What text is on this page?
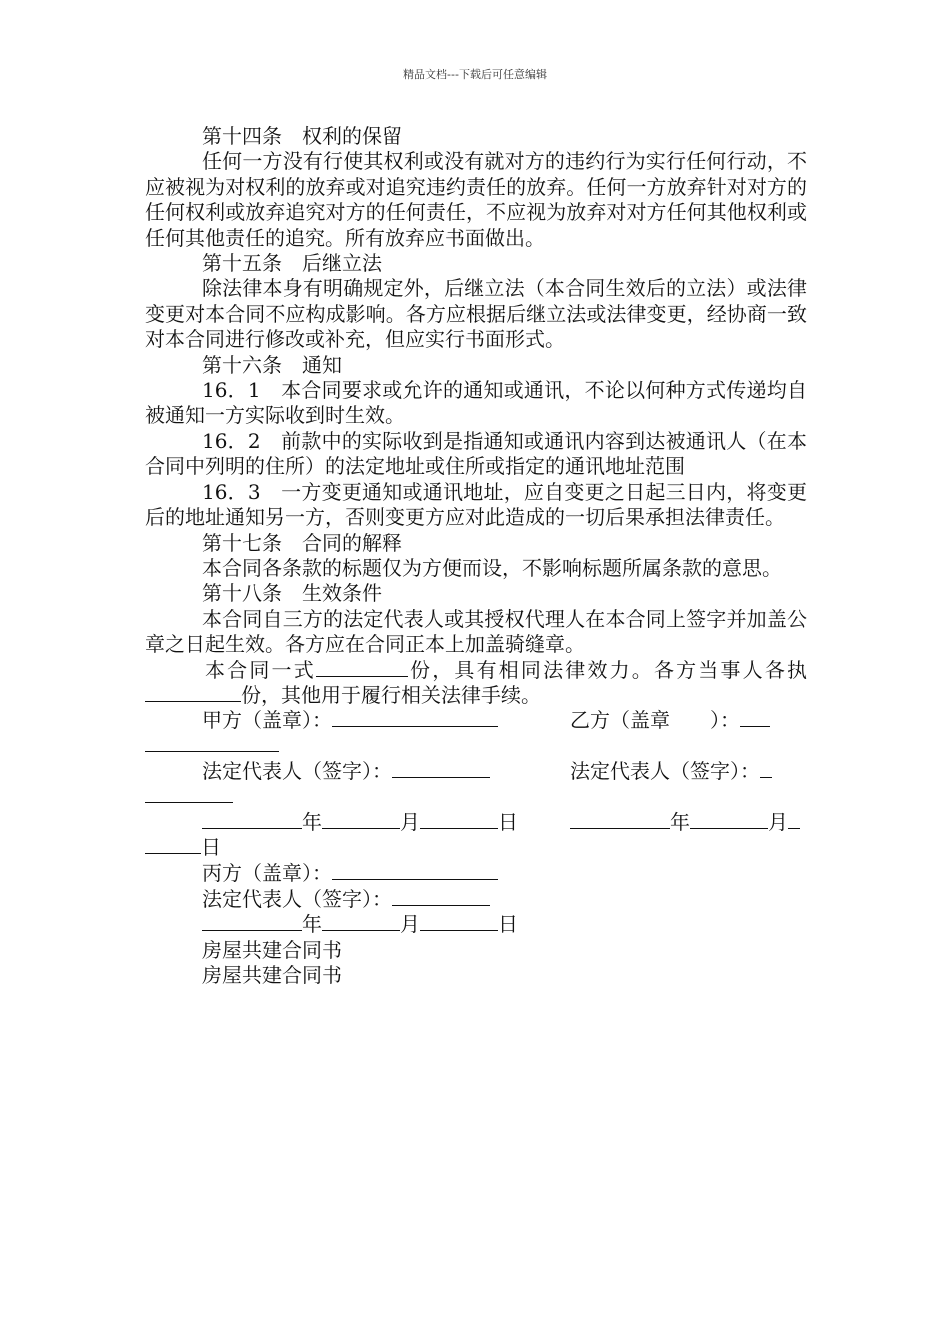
精品文档---下载后可任意编辑

第十四条　权利的保留

任何一方没有行使其权利或没有就对方的违约行为实行任何行动，不应被视为对权利的放弃或对追究违约责任的放弃。任何一方放弃针对对方的任何权利或放弃追究对方的任何责任，不应视为放弃对对方任何其他权利或任何其他责任的追究。所有放弃应书面做出。

第十五条　后继立法

除法律本身有明确规定外，后继立法（本合同生效后的立法）或法律变更对本合同不应构成影响。各方应根据后继立法或法律变更，经协商一致对本合同进行修改或补充，但应实行书面形式。

第十六条　通知

16．1　本合同要求或允许的通知或通讯，不论以何种方式传递均自被通知一方实际收到时生效。

16．2　前款中的实际收到是指通知或通讯内容到达被通讯人（在本合同中列明的住所）的法定地址或住所或指定的通讯地址范围

16．3　一方变更通知或通讯地址，应自变更之日起三日内，将变更后的地址通知另一方，否则变更方应对此造成的一切后果承担法律责任。

第十七条　合同的解释

本合同各条款的标题仅为方便而设，不影响标题所属条款的意思。

第十八条　生效条件

本合同自三方的法定代表人或其授权代理人在本合同上签字并加盖公章之日起生效。各方应在合同正本上加盖骑缝章。

本合同一式	份，具有相同法律效力。各方当事人各执份，其他用于履行相关法律手续。

甲方（盖章）：	乙方（盖章　　）：
法定代表人（签字）：	法定代表人（签字）：
年	月	日	年	月
日
丙方（盖章）：
法定代表人（签字）：
年	月	日
房屋共建合同书
房屋共建合同书
